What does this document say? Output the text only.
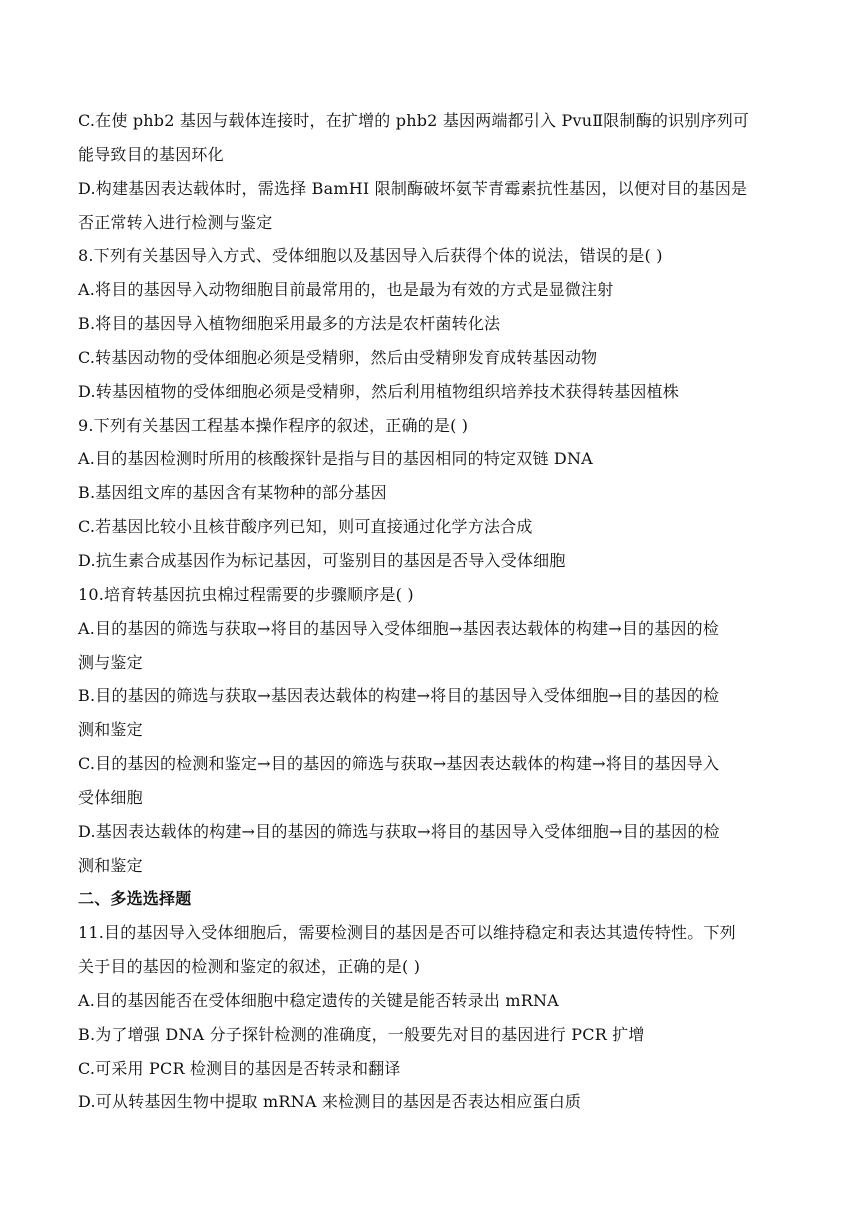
C.在使 phb2 基因与载体连接时，在扩增的 phb2 基因两端都引入 PvuⅡ限制酶的识别序列可
能导致目的基因环化
D.构建基因表达载体时，需选择 BamHI 限制酶破坏氨苄青霉素抗性基因，以便对目的基因是
否正常转入进行检测与鉴定
8.下列有关基因导入方式、受体细胞以及基因导入后获得个体的说法，错误的是( )
A.将目的基因导入动物细胞目前最常用的，也是最为有效的方式是显微注射
B.将目的基因导入植物细胞采用最多的方法是农杆菌转化法
C.转基因动物的受体细胞必须是受精卵，然后由受精卵发育成转基因动物
D.转基因植物的受体细胞必须是受精卵，然后利用植物组织培养技术获得转基因植株
9.下列有关基因工程基本操作程序的叙述，正确的是( )
A.目的基因检测时所用的核酸探针是指与目的基因相同的特定双链 DNA
B.基因组文库的基因含有某物种的部分基因
C.若基因比较小且核苷酸序列已知，则可直接通过化学方法合成
D.抗生素合成基因作为标记基因，可鉴别目的基因是否导入受体细胞
10.培育转基因抗虫棉过程需要的步骤顺序是( )
A.目的基因的筛选与获取→将目的基因导入受体细胞→基因表达载体的构建→目的基因的检
测与鉴定
B.目的基因的筛选与获取→基因表达载体的构建→将目的基因导入受体细胞→目的基因的检
测和鉴定
C.目的基因的检测和鉴定→目的基因的筛选与获取→基因表达载体的构建→将目的基因导入
受体细胞
D.基因表达载体的构建→目的基因的筛选与获取→将目的基因导入受体细胞→目的基因的检
测和鉴定
二、多选选择题
11.目的基因导入受体细胞后，需要检测目的基因是否可以维持稳定和表达其遗传特性。下列
关于目的基因的检测和鉴定的叙述，正确的是( )
A.目的基因能否在受体细胞中稳定遗传的关键是能否转录出 mRNA
B.为了增强 DNA 分子探针检测的准确度，一般要先对目的基因进行 PCR 扩增
C.可采用 PCR 检测目的基因是否转录和翻译
D.可从转基因生物中提取 mRNA 来检测目的基因是否表达相应蛋白质
